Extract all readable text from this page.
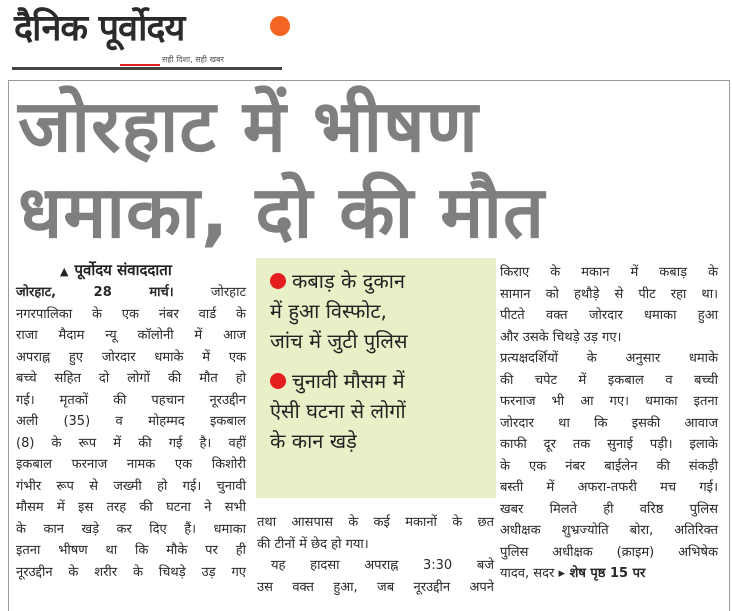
दैनिक पूर्वोदय
सही दिशा, सही खबर
जोरहाट में भीषण
धमाका, दो की मौत
▲ पूर्वोदय संवाददाता

जोरहाट, 28 मार्च।	जोरहाट

नगरपालिका के एक नंबर वार्ड के

राजा मैदाम न्यू कॉलोनी में आज

अपराह्न हुए जोरदार धमाके में एक

बच्चे सहित दो लोगों की मौत हो

गई। मृतकों की पहचान नूरउद्दीन

अली (35) व मोहम्मद इकबाल

(8) के रूप में की गई है। वहीं

इकबाल फरनाज नामक एक किशोरी

गंभीर रूप से जख्मी हो गई। चुनावी

मौसम में इस तरह की घटना ने सभी

के कान खड़े कर दिए हैं। धमाका

इतना भीषण था कि मौके पर ही

नूरउद्दीन के शरीर के चिथड़े उड़ गए

कबाड़ के दुकान
में हुआ विस्फोट,
जांच में जुटी पुलिस
चुनावी मौसम में
ऐसी घटना से लोगों
के कान खड़े

तथा आसपास के कई मकानों के छत

की टीनों में छेद हो गया।

यह हादसा अपराह्न 3:30 बजे

उस वक्त हुआ, जब नूरउद्दीन अपने

किराए के मकान में कबाड़ के

सामान को हथौड़े से पीट रहा था।

पीटते वक्त जोरदार धमाका हुआ

और उसके चिथड़े उड़ गए।

प्रत्यक्षदर्शियों के अनुसार धमाके

की चपेट में इकबाल व बच्ची

फरनाज भी आ गए। धमाका इतना

जोरदार था कि इसकी आवाज

काफी दूर तक सुनाई पड़ी। इलाके

के एक नंबर बाईलेन की संकड़ी

बस्ती में अफरा-तफरी मच गई।

खबर मिलते ही वरिष्ठ पुलिस

अधीक्षक शुभ्रज्योति बोरा, अतिरिक्त

पुलिस अधीक्षक (क्राइम) अभिषेक

यादव, सदर ▸ शेष पृष्ठ 15 पर
